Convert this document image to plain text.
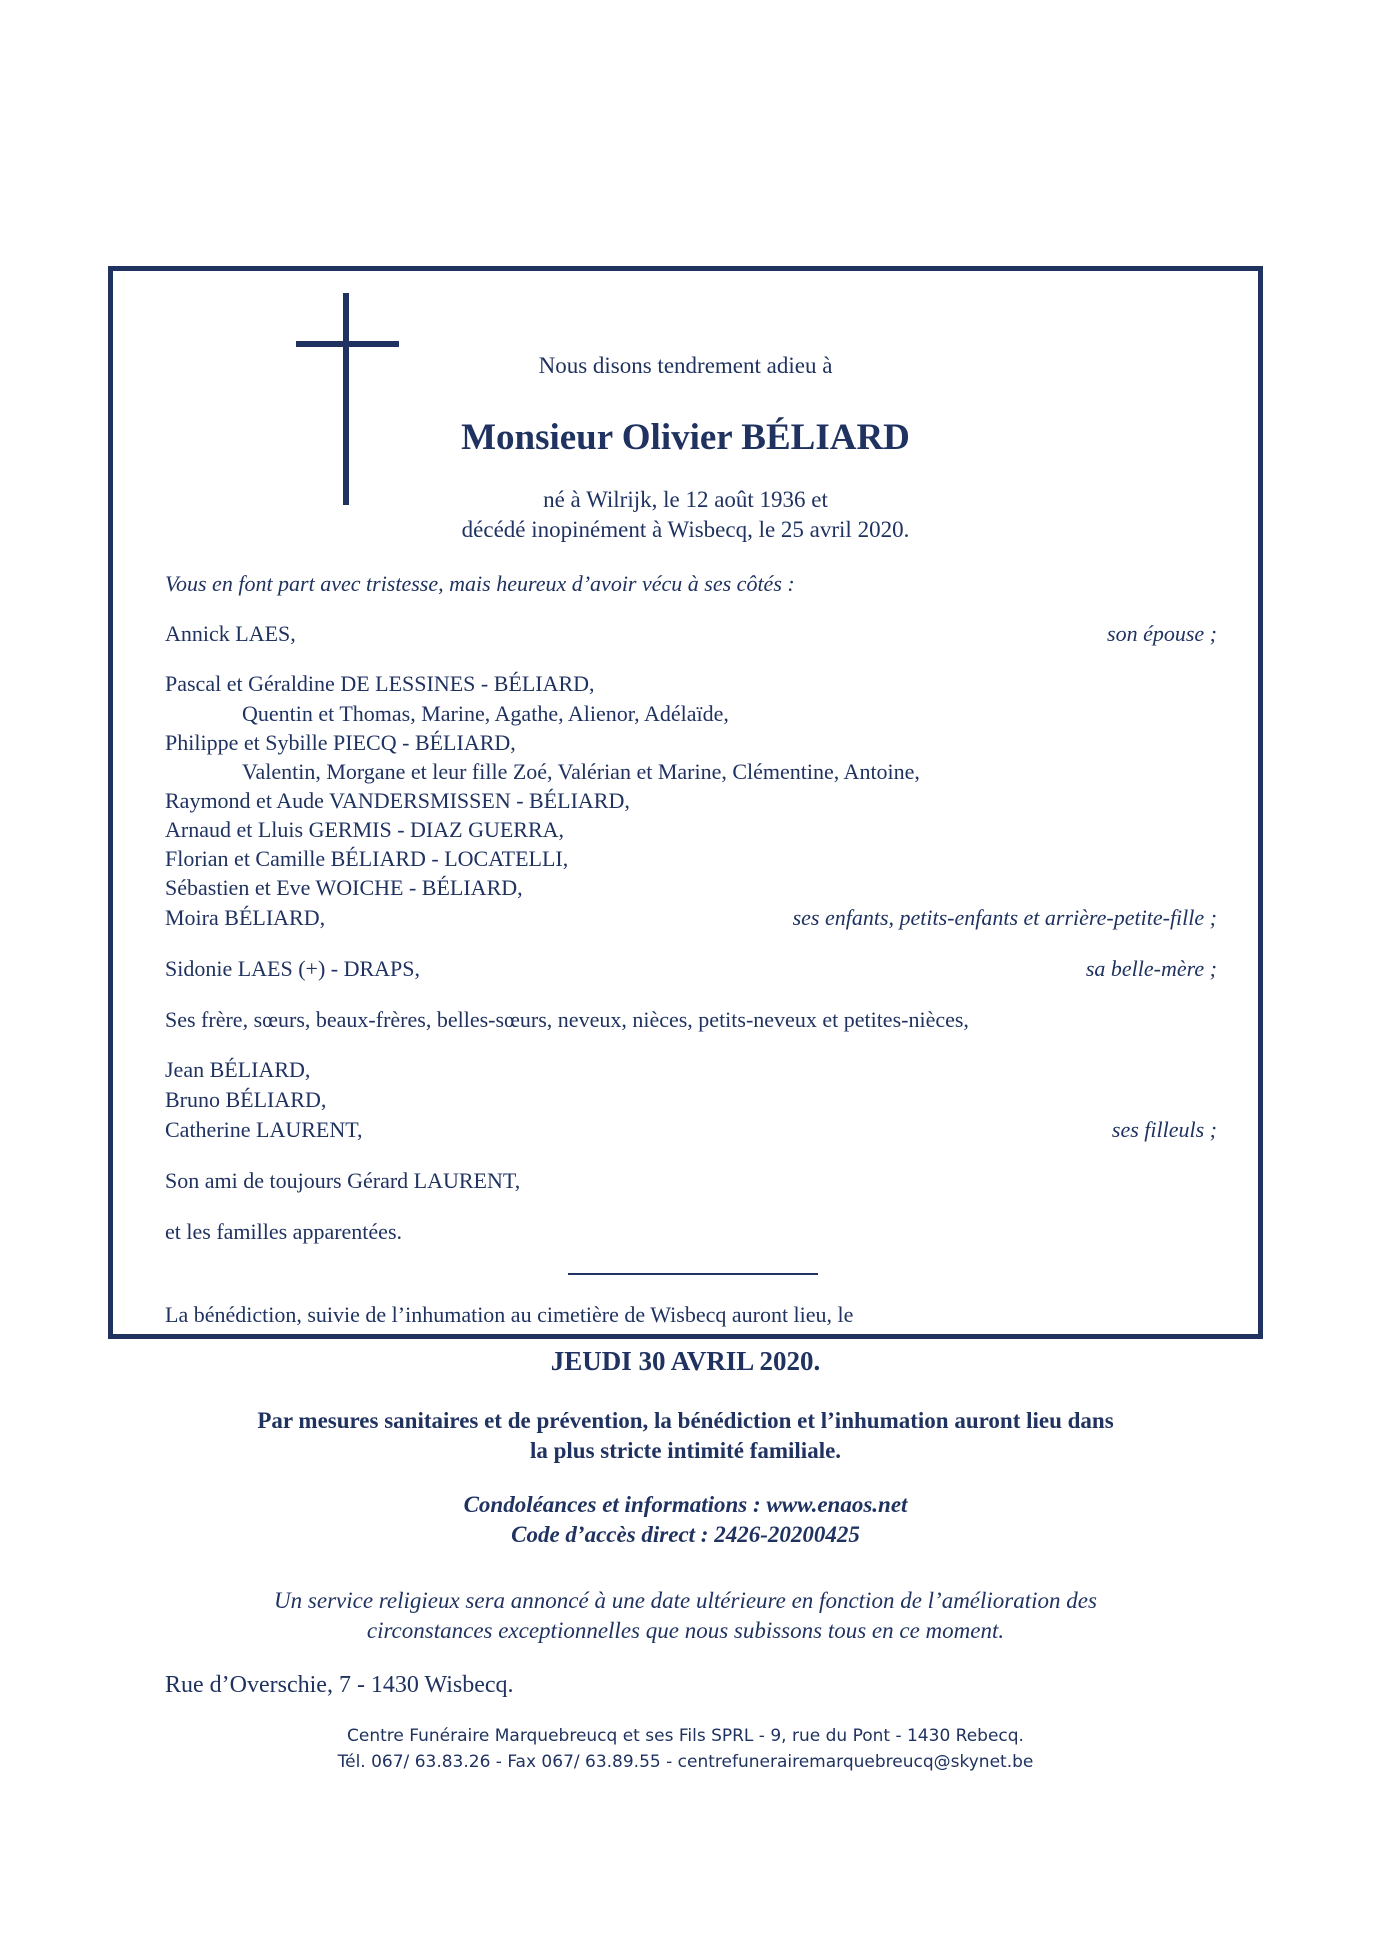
Nous disons tendrement adieu à
Monsieur Olivier BÉLIARD
né à Wilrijk, le 12 août 1936 et
décédé inopinément à Wisbecq, le 25 avril 2020.
Vous en font part avec tristesse, mais heureux d’avoir vécu à ses côtés :
Annick LAES,	son épouse ;
Pascal et Géraldine DE LESSINES - BÉLIARD,
Quentin et Thomas, Marine, Agathe, Alienor, Adélaïde,
Philippe et Sybille PIECQ - BÉLIARD,
Valentin, Morgane et leur fille Zoé, Valérian et Marine, Clémentine, Antoine,
Raymond et Aude VANDERSMISSEN - BÉLIARD,
Arnaud et Lluis GERMIS - DIAZ GUERRA,
Florian et Camille BÉLIARD - LOCATELLI,
Sébastien et Eve WOICHE - BÉLIARD,
Moira BÉLIARD,	ses enfants, petits-enfants et arrière-petite-fille ;
Sidonie LAES (+) - DRAPS,	sa belle-mère ;
Ses frère, sœurs, beaux-frères, belles-sœurs, neveux, nièces, petits-neveux et petites-nièces,
Jean BÉLIARD,
Bruno BÉLIARD,
Catherine LAURENT,	ses filleuls ;
Son ami de toujours Gérard LAURENT,
et les familles apparentées.
La bénédiction, suivie de l’inhumation au cimetière de Wisbecq auront lieu, le
JEUDI 30 AVRIL 2020.
Par mesures sanitaires et de prévention, la bénédiction et l’inhumation auront lieu dans
la plus stricte intimité familiale.
Condoléances et informations : www.enaos.net
Code d’accès direct : 2426-20200425
Un service religieux sera annoncé à une date ultérieure en fonction de l’amélioration des
circonstances exceptionnelles que nous subissons tous en ce moment.
Rue d’Overschie, 7 - 1430 Wisbecq.
Centre Funéraire Marquebreucq et ses Fils SPRL - 9, rue du Pont - 1430 Rebecq.
Tél. 067/ 63.83.26 - Fax 067/ 63.89.55 - centrefunerairemarquebreucq@skynet.be
